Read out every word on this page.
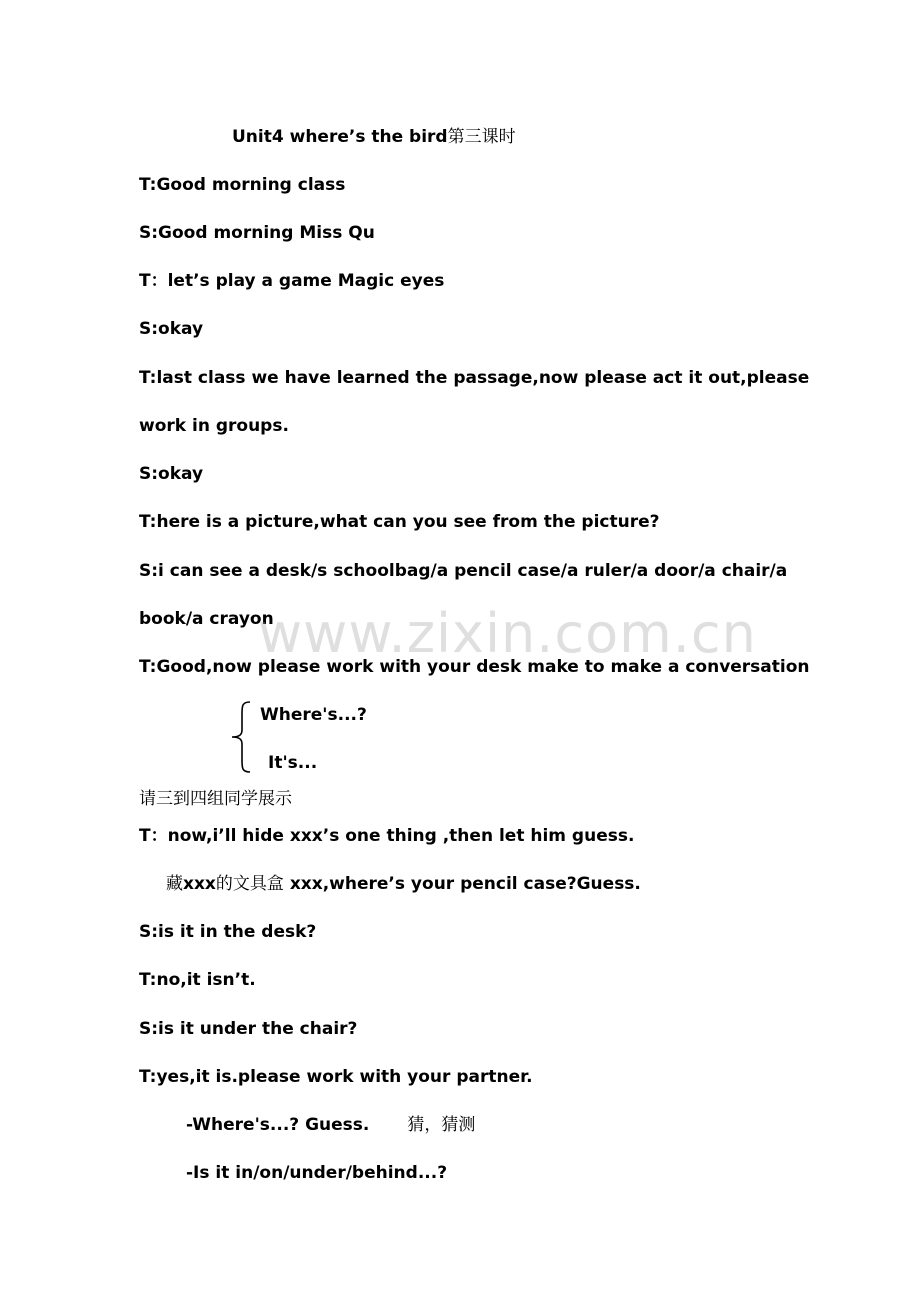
Unit4 where’s the bird第三课时
T:Good morning class
S:Good morning Miss Qu
T：let’s play a game Magic eyes
S:okay
T:last class we have learned the passage,now please act it out,please
work in groups.
S:okay
T:here is a picture,what can you see from the picture?
S:i can see a desk/s schoolbag/a pencil case/a ruler/a door/a chair/a
book/a crayon
www.zixin.com.cn
T:Good,now please work with your desk make to make a conversation
Where's...?
It's...
请三到四组同学展示
T：now,i’ll hide xxx’s one thing ,then let him guess.
藏xxx的文具盒 xxx,where’s your pencil case?Guess.
S:is it in the desk?
T:no,it isn’t.
S:is it under the chair?
T:yes,it is.please work with your partner.
-Where's...? Guess. 猜，猜测
-Is it in/on/under/behind...?
